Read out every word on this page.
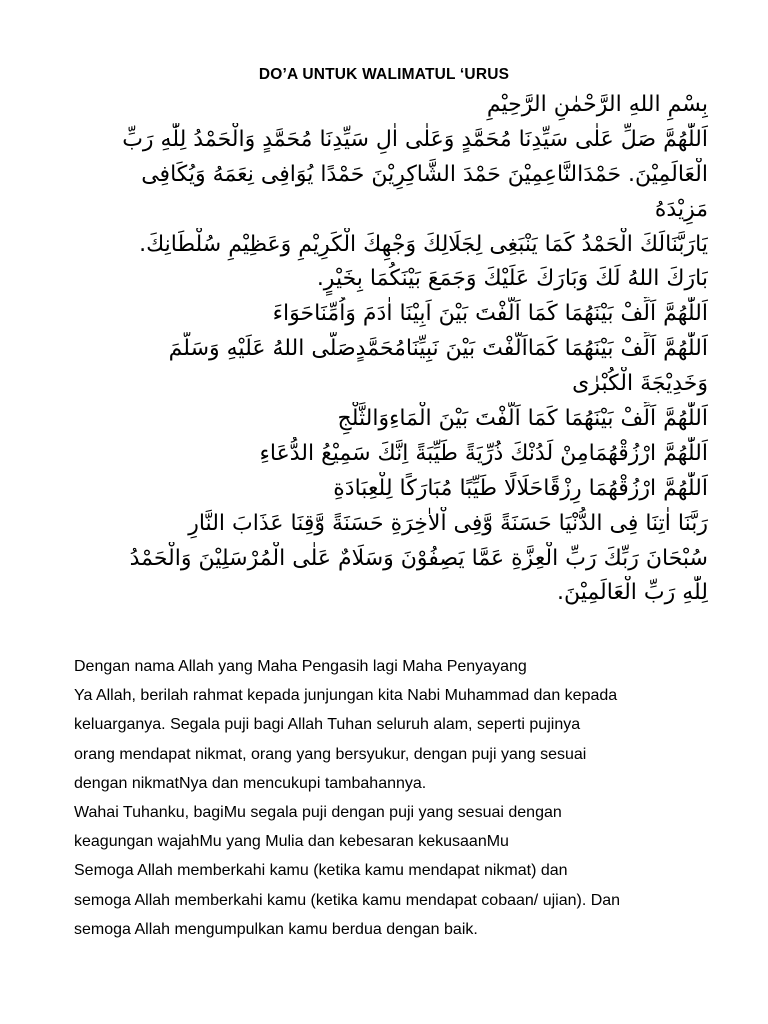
DO’A UNTUK WALIMATUL ‘URUS
بِسْمِ اللهِ الرَّحْمٰنِ الرَّحِيْمِ
اَللّٰهُمَّ صَلِّ عَلٰى سَيِّدِنَا مُحَمَّدٍ وَعَلٰى اٰلِ سَيِّدِنَا مُحَمَّدٍ وَالْحَمْدُ لِلّٰهِ رَبِّ
الْعَالَمِيْنَ. حَمْدَالنَّاعِمِيْنَ حَمْدَ الشَّاكِرِيْنَ حَمْدًا يُوَافِى نِعَمَهُ وَيُكَافِى
مَزِيْدَهُ
يَارَبَّنَالَكَ الْحَمْدُ كَمَا يَنْبَغِى لِجَلَالِكَ وَجْهِكَ الْكَرِيْمِ وَعَظِيْمِ سُلْطَانِكَ.
بَارَكَ اللهُ لَكَ وَبَارَكَ عَلَيْكَ وَجَمَعَ بَيْنَكُمَا بِخَيْرٍ.
اَللّٰهُمَّ اَلِّفْ بَيْنَهُمَا كَمَا اَلَّفْتَ بَيْنَ اَبِيْنَا اٰدَمَ وَاُمِّنَاحَوَاءَ
اَللّٰهُمَّ اَلِّفْ بَيْنَهُمَا كَمَااَلَّفْتَ بَيْنَ نَبِيِّنَامُحَمَّدٍصَلَّى اللهُ عَلَيْهِ وَسَلَّمَ
وَخَدِيْجَةَ الْكُبْرٰى
اَللّٰهُمَّ اَلِّفْ بَيْنَهُمَا كَمَا اَلَّفْتَ بَيْنَ الْمَاءِوَالثَّلْجِ
اَللّٰهُمَّ ارْزُقْهُمَامِنْ لَدُنْكَ ذُرِّيَةً طَيِّبَةً اِنَّكَ سَمِيْعُ الدُّعَاءِ
اَللّٰهُمَّ ارْزُقْهُمَا رِزْقًاحَلَالًا طَيِّبًا مُبَارَكًا لِلْعِبَادَةِ
رَبَّنَا اٰتِنَا فِى الدُّنْيَا حَسَنَةً وَّفِى اْلاٰخِرَةِ حَسَنَةً وَّقِنَا عَذَابَ النَّارِ
سُبْحَانَ رَبِّكَ رَبِّ الْعِزَّةِ عَمَّا يَصِفُوْنَ وَسَلَامٌ عَلٰى الْمُرْسَلِيْنَ وَالْحَمْدُ
لِلّٰهِ رَبِّ الْعَالَمِيْنَ.
Dengan nama Allah yang Maha Pengasih lagi Maha Penyayang
Ya Allah, berilah rahmat kepada junjungan kita Nabi Muhammad dan kepada
keluarganya. Segala puji bagi Allah Tuhan seluruh alam, seperti pujinya
orang mendapat nikmat, orang yang bersyukur, dengan puji yang sesuai
dengan nikmatNya dan mencukupi tambahannya.
Wahai Tuhanku, bagiMu segala puji dengan puji yang sesuai dengan
keagungan wajahMu yang Mulia dan kebesaran kekusaanMu
Semoga Allah memberkahi kamu (ketika kamu mendapat nikmat) dan
semoga Allah memberkahi kamu (ketika kamu mendapat cobaan/ ujian). Dan
semoga Allah mengumpulkan kamu berdua dengan baik.
